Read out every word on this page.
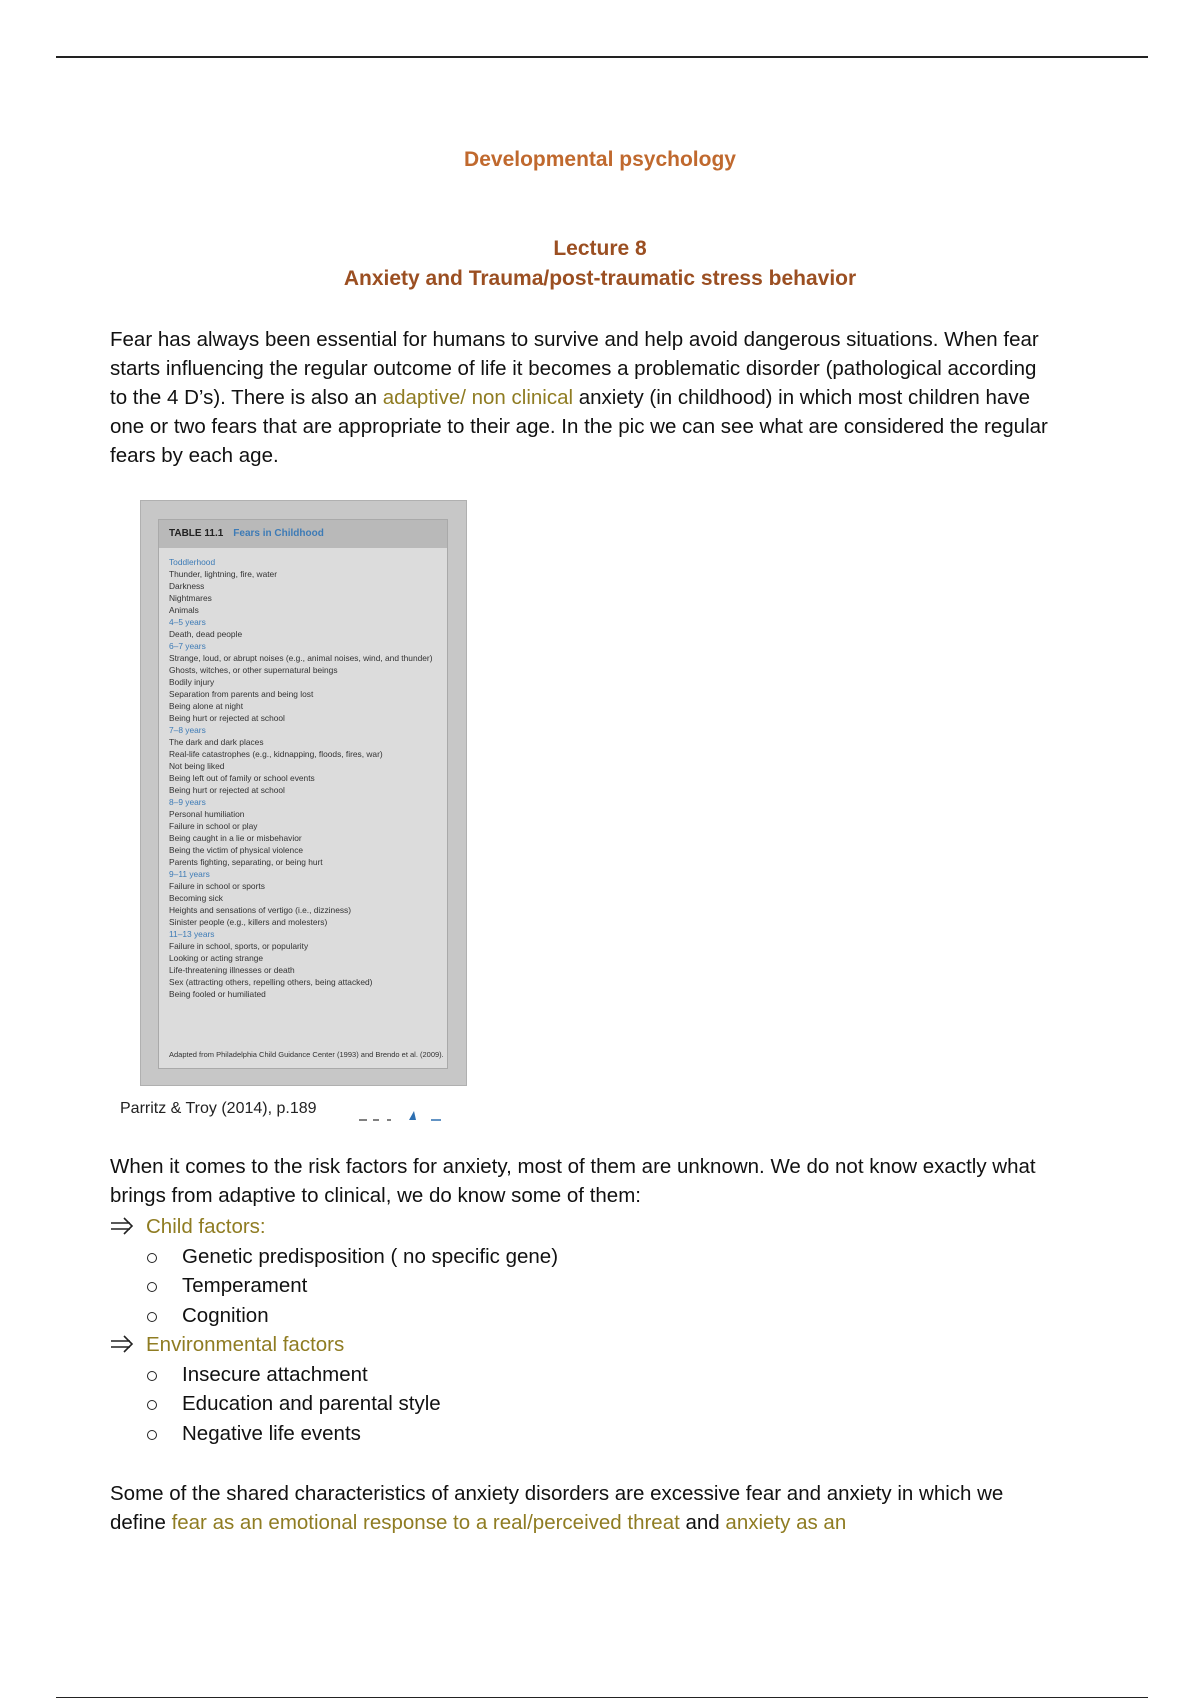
Developmental psychology
Lecture 8
Anxiety and Trauma/post-traumatic stress behavior

Fear has always been essential for humans to survive and help avoid dangerous situations. When fear starts influencing the regular outcome of life it becomes a problematic disorder (pathological according to the 4 D’s). There is also an adaptive/ non clinical anxiety (in childhood) in which most children have one or two fears that are appropriate to their age. In the pic we can see what are considered the regular fears by each age.

TABLE 11.1 Fears in Childhood
Toddlerhood
Thunder, lightning, fire, water
Darkness
Nightmares
Animals
4–5 years
Death, dead people
6–7 years
Strange, loud, or abrupt noises (e.g., animal noises, wind, and thunder)
Ghosts, witches, or other supernatural beings
Bodily injury
Separation from parents and being lost
Being alone at night
Being hurt or rejected at school
7–8 years
The dark and dark places
Real-life catastrophes (e.g., kidnapping, floods, fires, war)
Not being liked
Being left out of family or school events
Being hurt or rejected at school
8–9 years
Personal humiliation
Failure in school or play
Being caught in a lie or misbehavior
Being the victim of physical violence
Parents fighting, separating, or being hurt
9–11 years
Failure in school or sports
Becoming sick
Heights and sensations of vertigo (i.e., dizziness)
Sinister people (e.g., killers and molesters)
11–13 years
Failure in school, sports, or popularity
Looking or acting strange
Life-threatening illnesses or death
Sex (attracting others, repelling others, being attacked)
Being fooled or humiliated
Adapted from Philadelphia Child Guidance Center (1993) and Brendo et al. (2009).
Parritz & Troy (2014), p.189

When it comes to the risk factors for anxiety, most of them are unknown. We do not know exactly what brings from adaptive to clinical, we do know some of them:

Child factors:
Genetic predisposition ( no specific gene)
Temperament
Cognition
Environmental factors
Insecure attachment
Education and parental style
Negative life events

Some of the shared characteristics of anxiety disorders are excessive fear and anxiety in which we define fear as an emotional response to a real/perceived threat and anxiety as an
